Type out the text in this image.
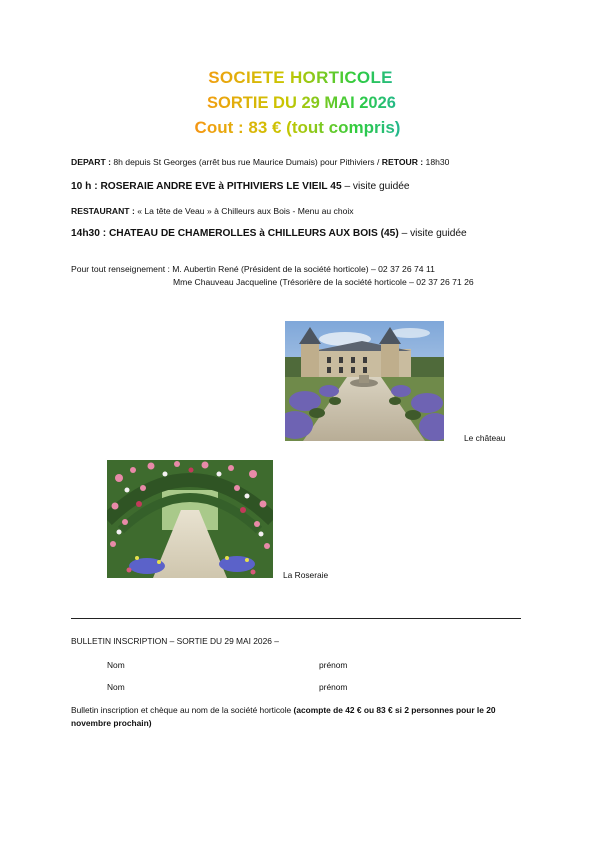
SOCIETE HORTICOLE
SORTIE DU 29 MAI 2026
Cout : 83 € (tout compris)
DEPART : 8h depuis St Georges (arrêt bus rue Maurice Dumais) pour Pithiviers / RETOUR : 18h30
10 h : ROSERAIE ANDRE EVE à PITHIVIERS LE VIEIL 45 – visite guidée
RESTAURANT : « La tête de Veau » à Chilleurs aux Bois - Menu au choix
14h30 : CHATEAU DE CHAMEROLLES à CHILLEURS AUX BOIS (45) – visite guidée
Pour tout renseignement : M. Aubertin René (Président de la société horticole) – 02 37 26 74 11
Mme Chauveau Jacqueline (Trésorière de la société horticole – 02 37 26 71 26
Le château
La Roseraie
BULLETIN INSCRIPTION – SORTIE DU 29 MAI 2026 –
Nom	prénom
Nom	prénom
Bulletin inscription et chèque au nom de la société horticole (acompte de 42 € ou 83 € si 2 personnes pour le 20 novembre prochain)
